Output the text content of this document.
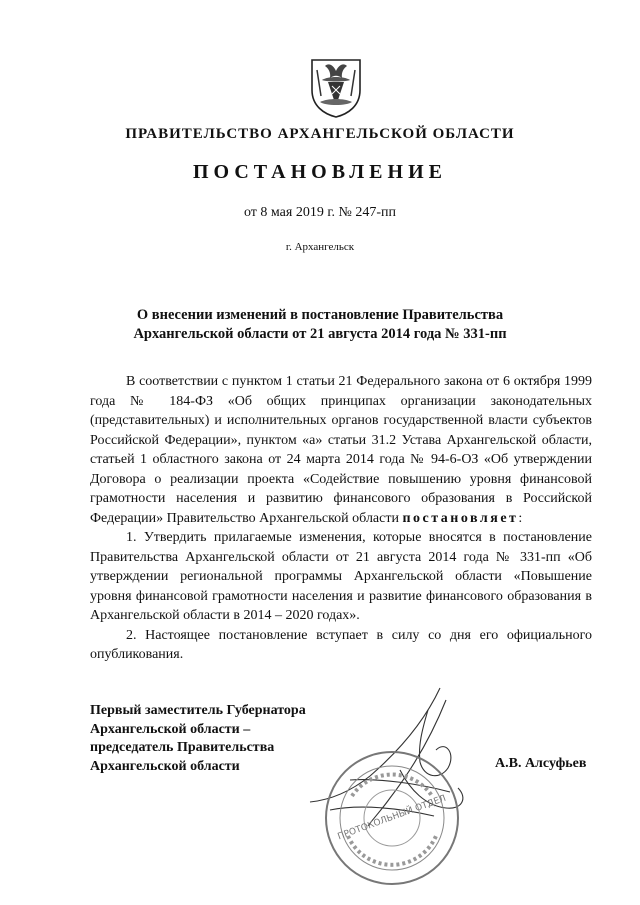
ПРАВИТЕЛЬСТВО АРХАНГЕЛЬСКОЙ ОБЛАСТИ
ПОСТАНОВЛЕНИЕ
от 8 мая 2019 г. № 247-пп
г. Архангельск
О внесении изменений в постановление Правительства
Архангельской области от 21 августа 2014 года № 331-пп

В соответствии с пунктом 1 статьи 21 Федерального закона от 6 октября 1999 года № 184-ФЗ «Об общих принципах организации законодательных (представительных) и исполнительных органов государственной власти субъектов Российской Федерации», пунктом «а» статьи 31.2 Устава Архангельской области, статьей 1 областного закона от 24 марта 2014 года № 94-6-ОЗ «Об утверждении Договора о реализации проекта «Содействие повышению уровня финансовой грамотности населения и развитию финансового образования в Российской Федерации» Правительство Архангельской области постановляет:

1. Утвердить прилагаемые изменения, которые вносятся в постановление Правительства Архангельской области от 21 августа 2014 года № 331-пп «Об утверждении региональной программы Архангельской области «Повышение уровня финансовой грамотности населения и развитие финансового образования в Архангельской области в 2014 – 2020 годах».

2. Настоящее постановление вступает в силу со дня его официального опубликования.

Первый заместитель Губернатора
Архангельской области –
председатель Правительства
Архангельской области	А.В. Алсуфьев
ПРОТОКОЛЬНЫЙ ОТДЕЛ
